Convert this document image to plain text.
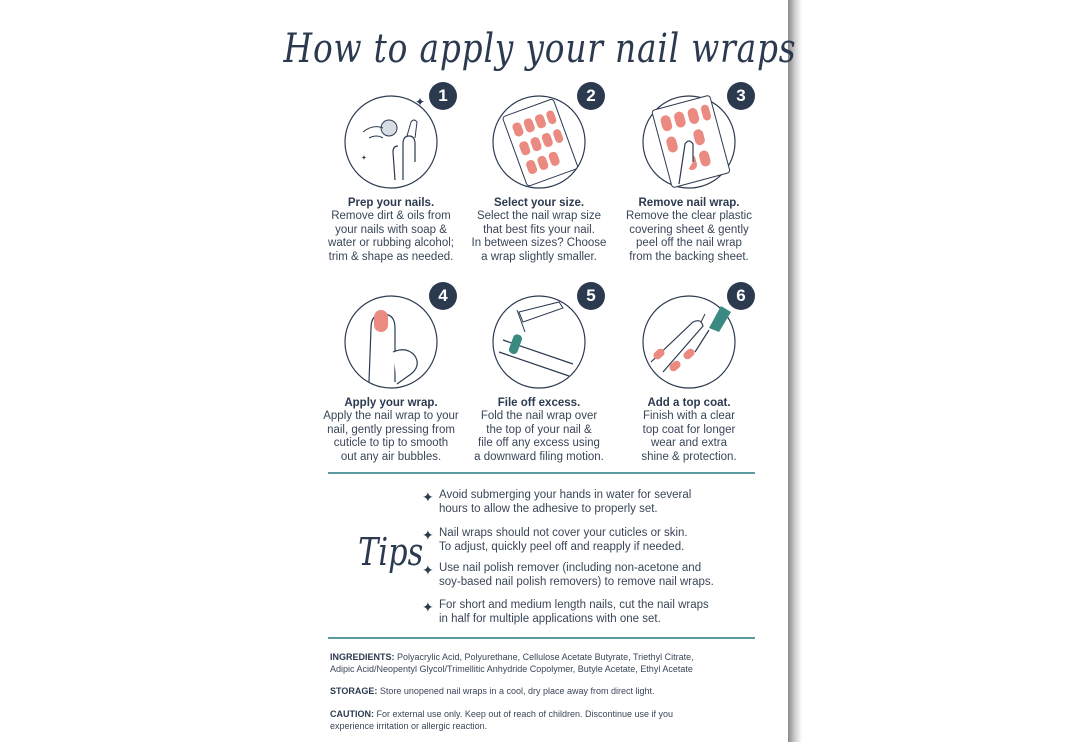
How to apply your nail wraps
✦
✦
1
Prep your nails.
Remove dirt & oils from
your nails with soap &
water or rubbing alcohol;
trim & shape as needed.
2
Select your size.
Select the nail wrap size
that best fits your nail.
In between sizes? Choose
a wrap slightly smaller.
3
Remove nail wrap.
Remove the clear plastic
covering sheet & gently
peel off the nail wrap
from the backing sheet.
4
Apply your wrap.
Apply the nail wrap to your
nail, gently pressing from
cuticle to tip to smooth
out any air bubbles.
5
File off excess.
Fold the nail wrap over
the top of your nail &
file off any excess using
a downward filing motion.
6
Add a top coat.
Finish with a clear
top coat for longer
wear and extra
shine & protection.
Tips
✦ Avoid submerging your hands in water for several
hours to allow the adhesive to properly set.
✦ Nail wraps should not cover your cuticles or skin.
To adjust, quickly peel off and reapply if needed.
✦ Use nail polish remover (including non-acetone and
soy-based nail polish removers) to remove nail wraps.
✦ For short and medium length nails, cut the nail wraps
in half for multiple applications with one set.
INGREDIENTS: Polyacrylic Acid, Polyurethane, Cellulose Acetate Butyrate, Triethyl Citrate,
Adipic Acid/Neopentyl Glycol/Trimellitic Anhydride Copolymer, Butyle Acetate, Ethyl Acetate
STORAGE: Store unopened nail wraps in a cool, dry place away from direct light.
CAUTION: For external use only. Keep out of reach of children. Discontinue use if you
experience irritation or allergic reaction.
